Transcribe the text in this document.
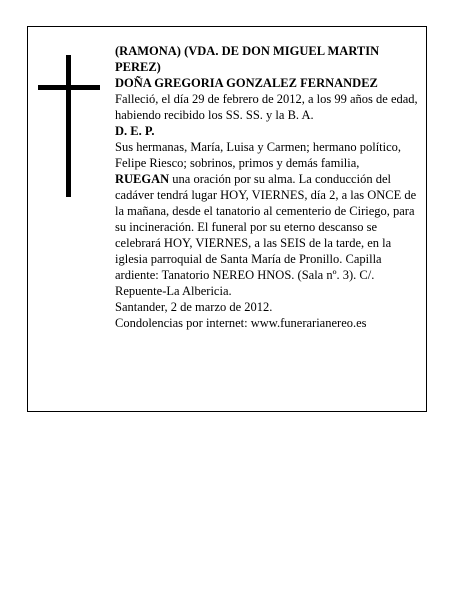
(RAMONA) (VDA. DE DON MIGUEL MARTIN PEREZ)

DOÑA GREGORIA GONZALEZ FERNANDEZ

Falleció, el día 29 de febrero de 2012, a los 99 años de edad, habiendo recibido los SS. SS. y la B. A.

D. E. P.

Sus hermanas, María, Luisa y Carmen; hermano político, Felipe Riesco; sobrinos, primos y demás familia,

RUEGAN una oración por su alma. La conducción del cadáver tendrá lugar HOY, VIERNES, día 2, a las ONCE de la mañana, desde el tanatorio al cementerio de Ciriego, para su incineración. El funeral por su eterno descanso se celebrará HOY, VIERNES, a las SEIS de la tarde, en la iglesia parroquial de Santa María de Pronillo. Capilla ardiente: Tanatorio NEREO HNOS. (Sala nº. 3). C/. Repuente-La Albericia.

Santander, 2 de marzo de 2012.

Condolencias por internet: www.funerarianereo.es
